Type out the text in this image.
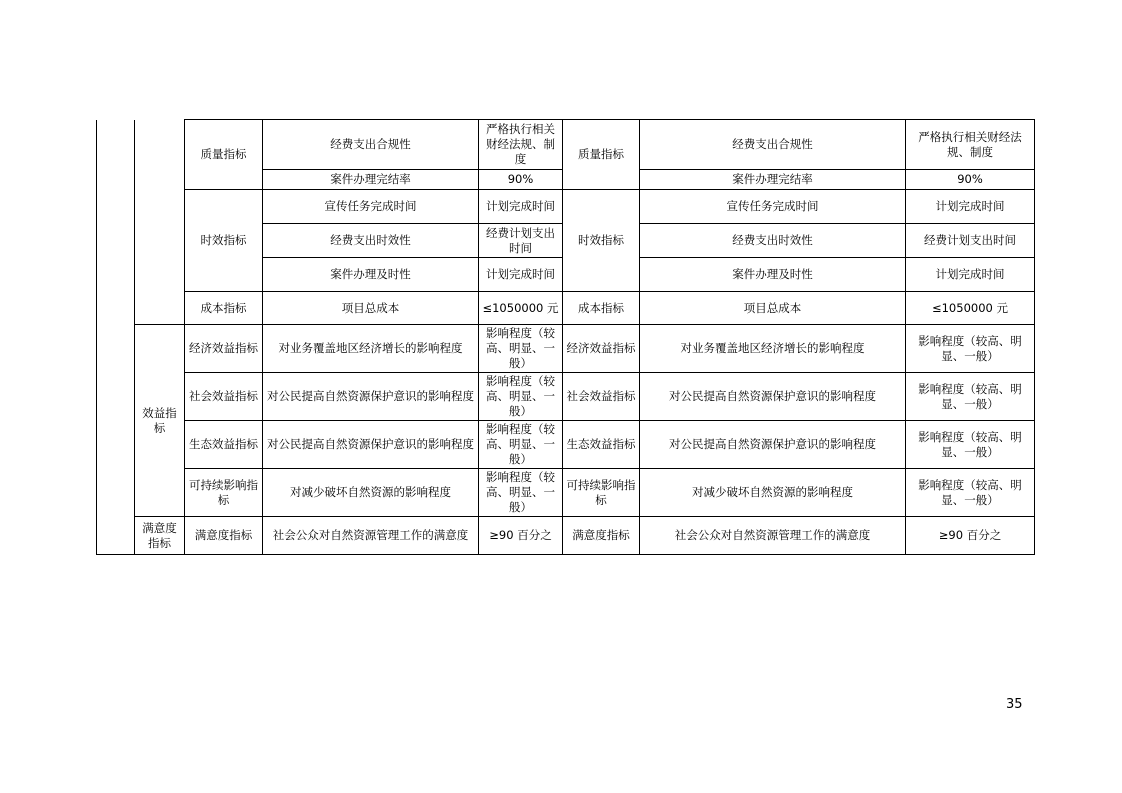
		质量指标	经费支出合规性	严格执行相关财经法规、制度	质量指标	经费支出合规性	严格执行相关财经法规、制度
			案件办理完结率	90%		案件办理完结率	90%
		时效指标	宣传任务完成时间	计划完成时间	时效指标	宣传任务完成时间	计划完成时间
			经费支出时效性	经费计划支出时间		经费支出时效性	经费计划支出时间
			案件办理及时性	计划完成时间		案件办理及时性	计划完成时间
		成本指标	项目总成本	≤1050000 元	成本指标	项目总成本	≤1050000 元
	效益指标	经济效益指标	对业务覆盖地区经济增长的影响程度	影响程度（较高、明显、一般）	经济效益指标	对业务覆盖地区经济增长的影响程度	影响程度（较高、明显、一般）
		社会效益指标	对公民提高自然资源保护意识的影响程度	影响程度（较高、明显、一般）	社会效益指标	对公民提高自然资源保护意识的影响程度	影响程度（较高、明显、一般）
		生态效益指标	对公民提高自然资源保护意识的影响程度	影响程度（较高、明显、一般）	生态效益指标	对公民提高自然资源保护意识的影响程度	影响程度（较高、明显、一般）
		可持续影响指标	对减少破坏自然资源的影响程度	影响程度（较高、明显、一般）	可持续影响指标	对减少破坏自然资源的影响程度	影响程度（较高、明显、一般）
	满意度指标	满意度指标	社会公众对自然资源管理工作的满意度	≥90 百分之	满意度指标	社会公众对自然资源管理工作的满意度	≥90 百分之
35
